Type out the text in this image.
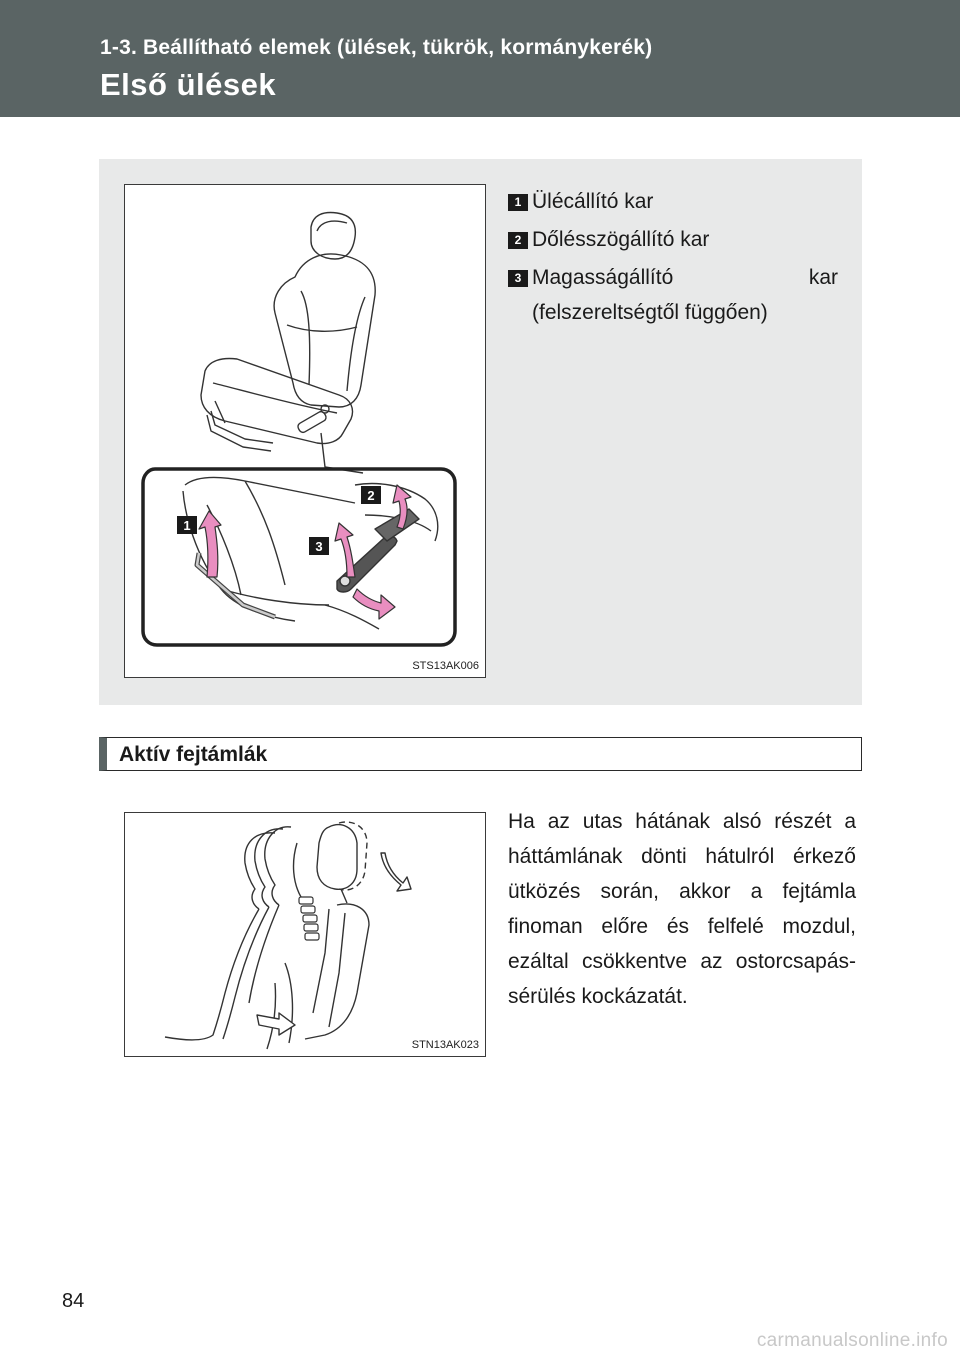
1-3. Beállítható elemek (ülések, tükrök, kormánykerék)
Első ülések
1
3
2
STS13AK006
1 Üléсállító kar
2 Dőlésszögállító kar
3 Magasságállító kar (felszereltségtől függően)
Aktív fejtámlák
STN13AK023
Ha az utas hátának alsó részét a háttámlának dönti hátulról érkező ütközés során, akkor a fejtámla finoman előre és felfelé mozdul, ezáltal csökkentve az ostorcsapás-sérülés kockázatát.
84
carmanualsonline.info
